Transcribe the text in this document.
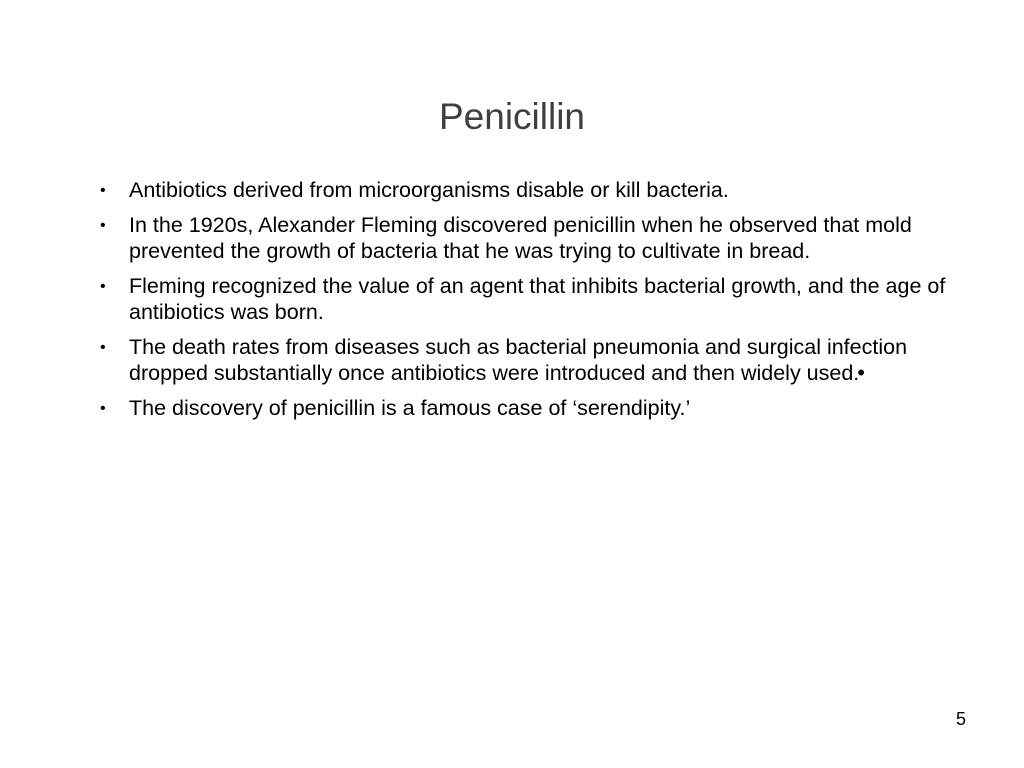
Penicillin
• Antibiotics derived from microorganisms disable or kill bacteria.
• In the 1920s, Alexander Fleming discovered penicillin when he observed that mold prevented the growth of bacteria that he was trying to cultivate in bread.
• Fleming recognized the value of an agent that inhibits bacterial growth, and the age of antibiotics was born.
• The death rates from diseases such as bacterial pneumonia and surgical infection dropped substantially once antibiotics were introduced and then widely used.•
• The discovery of penicillin is a famous case of ‘serendipity.’
5
